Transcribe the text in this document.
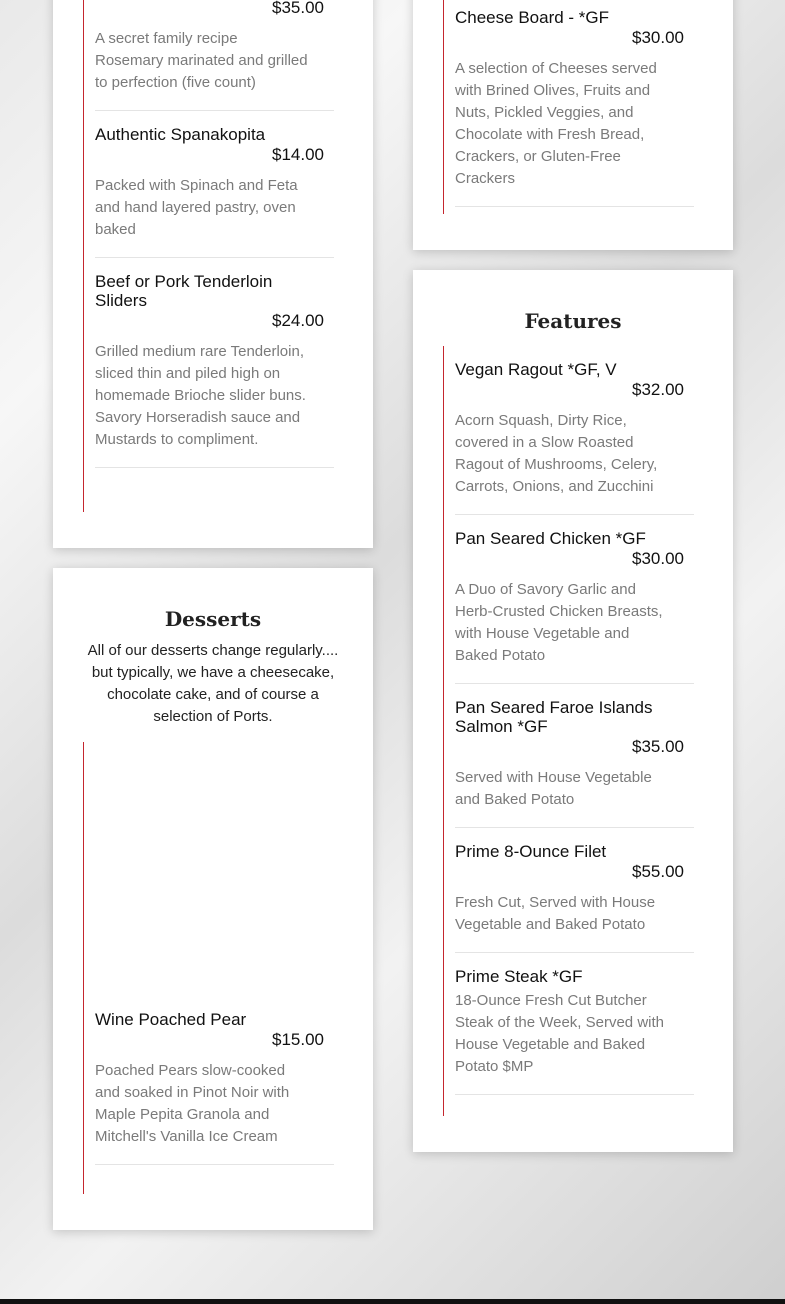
$35.00
A secret family recipe Rosemary marinated and grilled to perfection (five count)
Authentic Spanakopita
$14.00
Packed with Spinach and Feta and hand layered pastry, oven baked
Beef or Pork Tenderloin Sliders
$24.00
Grilled medium rare Tenderloin, sliced thin and piled high on homemade Brioche slider buns. Savory Horseradish sauce and Mustards to compliment.
Cheese Board - *GF
$30.00
A selection of Cheeses served with Brined Olives, Fruits and Nuts, Pickled Veggies, and Chocolate with Fresh Bread, Crackers, or Gluten-Free Crackers
Desserts
All of our desserts change regularly.... but typically, we have a cheesecake, chocolate cake, and of course a selection of Ports.
Wine Poached Pear
$15.00
Poached Pears slow-cooked and soaked in Pinot Noir with Maple Pepita Granola and Mitchell's Vanilla Ice Cream
Features
Vegan Ragout *GF, V
$32.00
Acorn Squash, Dirty Rice, covered in a Slow Roasted Ragout of Mushrooms, Celery, Carrots, Onions, and Zucchini
Pan Seared Chicken *GF
$30.00
A Duo of Savory Garlic and Herb-Crusted Chicken Breasts, with House Vegetable and Baked Potato
Pan Seared Faroe Islands Salmon *GF
$35.00
Served with House Vegetable and Baked Potato
Prime 8-Ounce Filet
$55.00
Fresh Cut, Served with House Vegetable and Baked Potato
Prime Steak *GF
18-Ounce Fresh Cut Butcher Steak of the Week, Served with House Vegetable and Baked Potato $MP
